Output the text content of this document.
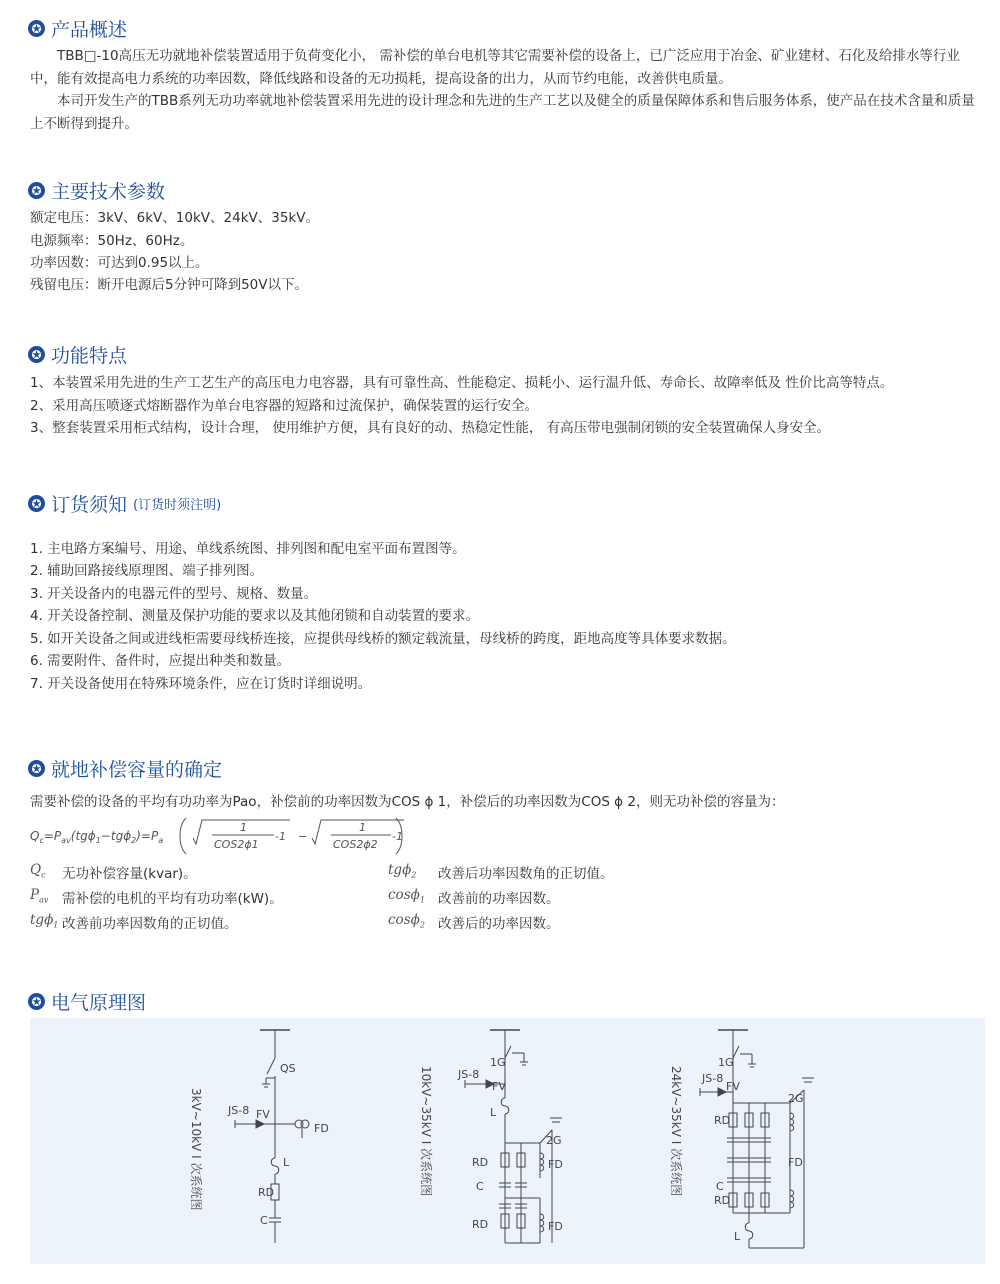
✪ 产品概述

TBB□-10高压无功就地补偿装置适用于负荷变化小， 需补偿的单台电机等其它需要补偿的设备上，已广泛应用于冶金、矿业建材、石化及给排水等行业中，能有效提高电力系统的功率因数，降低线路和设备的无功损耗，提高设备的出力，从而节约电能，改善供电质量。

本司开发生产的TBB系列无功功率就地补偿装置采用先进的设计理念和先进的生产工艺以及健全的质量保障体系和售后服务体系，使产品在技术含量和质量上不断得到提升。

✪ 主要技术参数
额定电压：3kV、6kV、10kV、24kV、35kV。
电源频率：50Hz、60Hz。
功率因数：可达到0.95以上。
残留电压：断开电源后5分钟可降到50V以下。
✪ 功能特点
1、本装置采用先进的生产工艺生产的高压电力电容器，具有可靠性高、性能稳定、损耗小、运行温升低、寿命长、故障率低及 性价比高等特点。
2、采用高压喷逐式熔断器作为单台电容器的短路和过流保护，确保装置的运行安全。
3、整套装置采用柜式结构，设计合理， 使用维护方便，具有良好的动、热稳定性能， 有高压带电强制闭锁的安全装置确保人身安全。
✪ 订货须知 (订货时须注明)
1. 主电路方案编号、用途、单线系统图、排列图和配电室平面布置图等。
2. 辅助回路接线原理图、端子排列图。
3. 开关设备内的电器元件的型号、规格、数量。
4. 开关设备控制、测量及保护功能的要求以及其他闭锁和自动装置的要求。
5. 如开关设备之间或进线柜需要母线桥连接，应提供母线桥的额定载流量，母线桥的跨度，距地高度等具体要求数据。
6. 需要附件、备件时，应提出种类和数量。
7. 开关设备使用在特殊环境条件，应在订货时详细说明。
✪ 就地补偿容量的确定
需要补偿的设备的平均有功功率为Pao，补偿前的功率因数为COS ϕ 1，补偿后的功率因数为COS ϕ 2，则无功补偿的容量为：
$Q_c=P_{av}(tg\phi_1-tg\phi_2)=P_a$
1
COS2ϕ1
-1 −
1
COS2ϕ2
-1
$Q_c$ 无功补偿容量(kvar)。
$P_{av}$ 需补偿的电机的平均有功功率(kW)。
tgϕ$_1$ 改善前功率因数角的正切值。
tgϕ$_2$ 改善后功率因数角的正切值。
cosϕ$_1$ 改善前的功率因数。
cosϕ$_2$ 改善后的功率因数。
✪ 电气原理图
3kV~10kV I 次系统图	10kV~35kV I 次系统图	24kV~35kV I 次系统图
QS
JS-8 FV
FD
L
RD
C
1G
JS-8
FV
L
2G
RD	FD
C
RD	FD
1G
JS-8
FV
2G
RD
FD
C
RD
L
